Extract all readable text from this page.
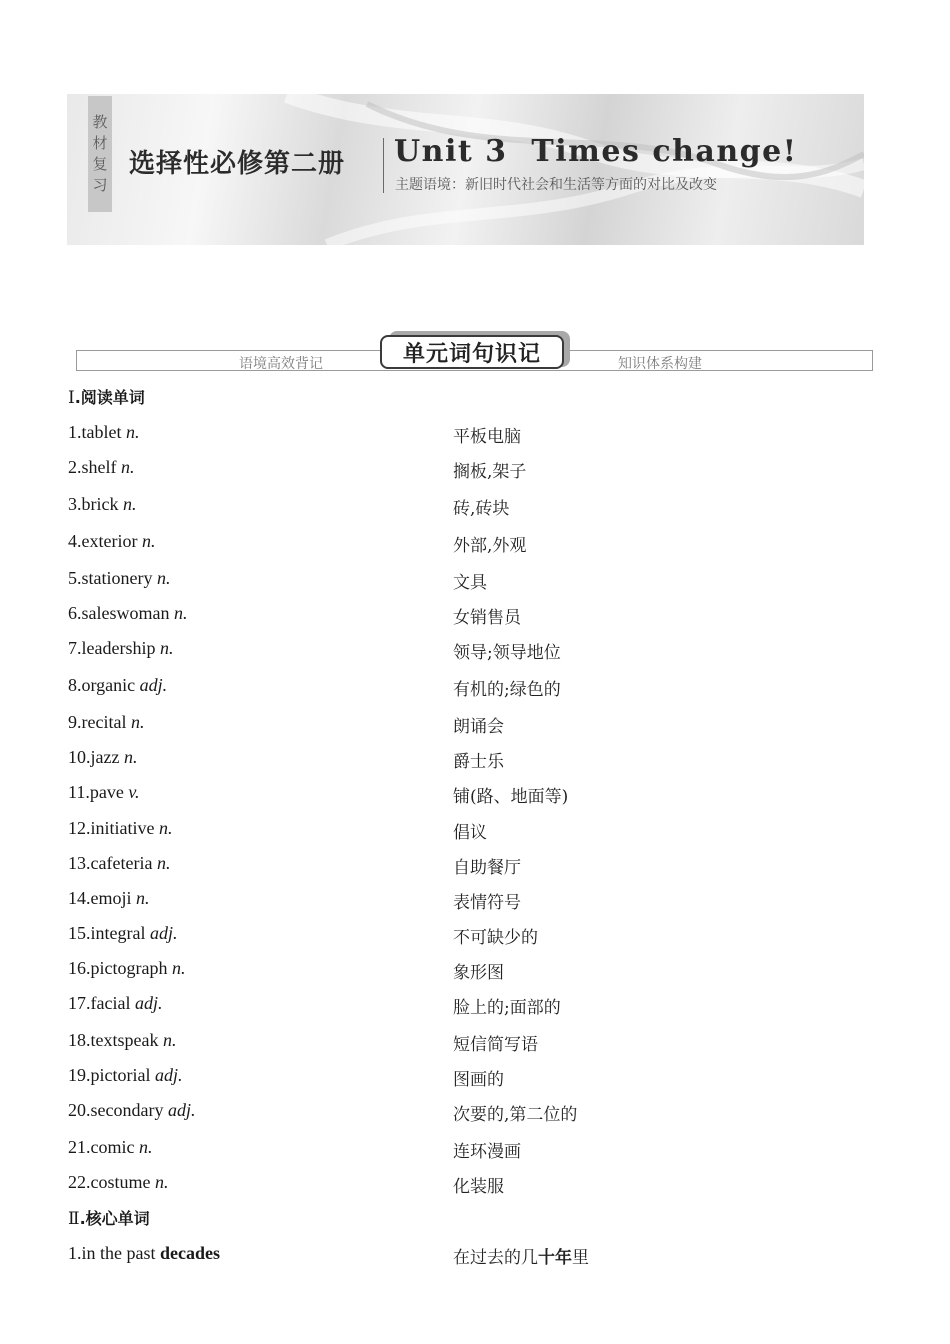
教
材
复
习
选择性必修第二册 Unit 3  Times change!
主题语境：新旧时代社会和生活等方面的对比及改变
语境高效背记	知识体系构建
单元词句识记
Ⅰ.阅读单词
1.tablet n.	平板电脑
2.shelf n.	搁板,架子
3.brick n.	砖,砖块
4.exterior n.	外部,外观
5.stationery n.	文具
6.saleswoman n.	女销售员
7.leadership n.	领导;领导地位
8.organic adj.	有机的;绿色的
9.recital n.	朗诵会
10.jazz n.	爵士乐
11.pave v.	铺(路、地面等)
12.initiative n.	倡议
13.cafeteria n.	自助餐厅
14.emoji n.	表情符号
15.integral adj.	不可缺少的
16.pictograph n.	象形图
17.facial adj.	脸上的;面部的
18.textspeak n.	短信简写语
19.pictorial adj.	图画的
20.secondary adj.	次要的,第二位的
21.comic n.	连环漫画
22.costume n.	化装服
Ⅱ.核心单词
1.in the past decades	在过去的几十年里
